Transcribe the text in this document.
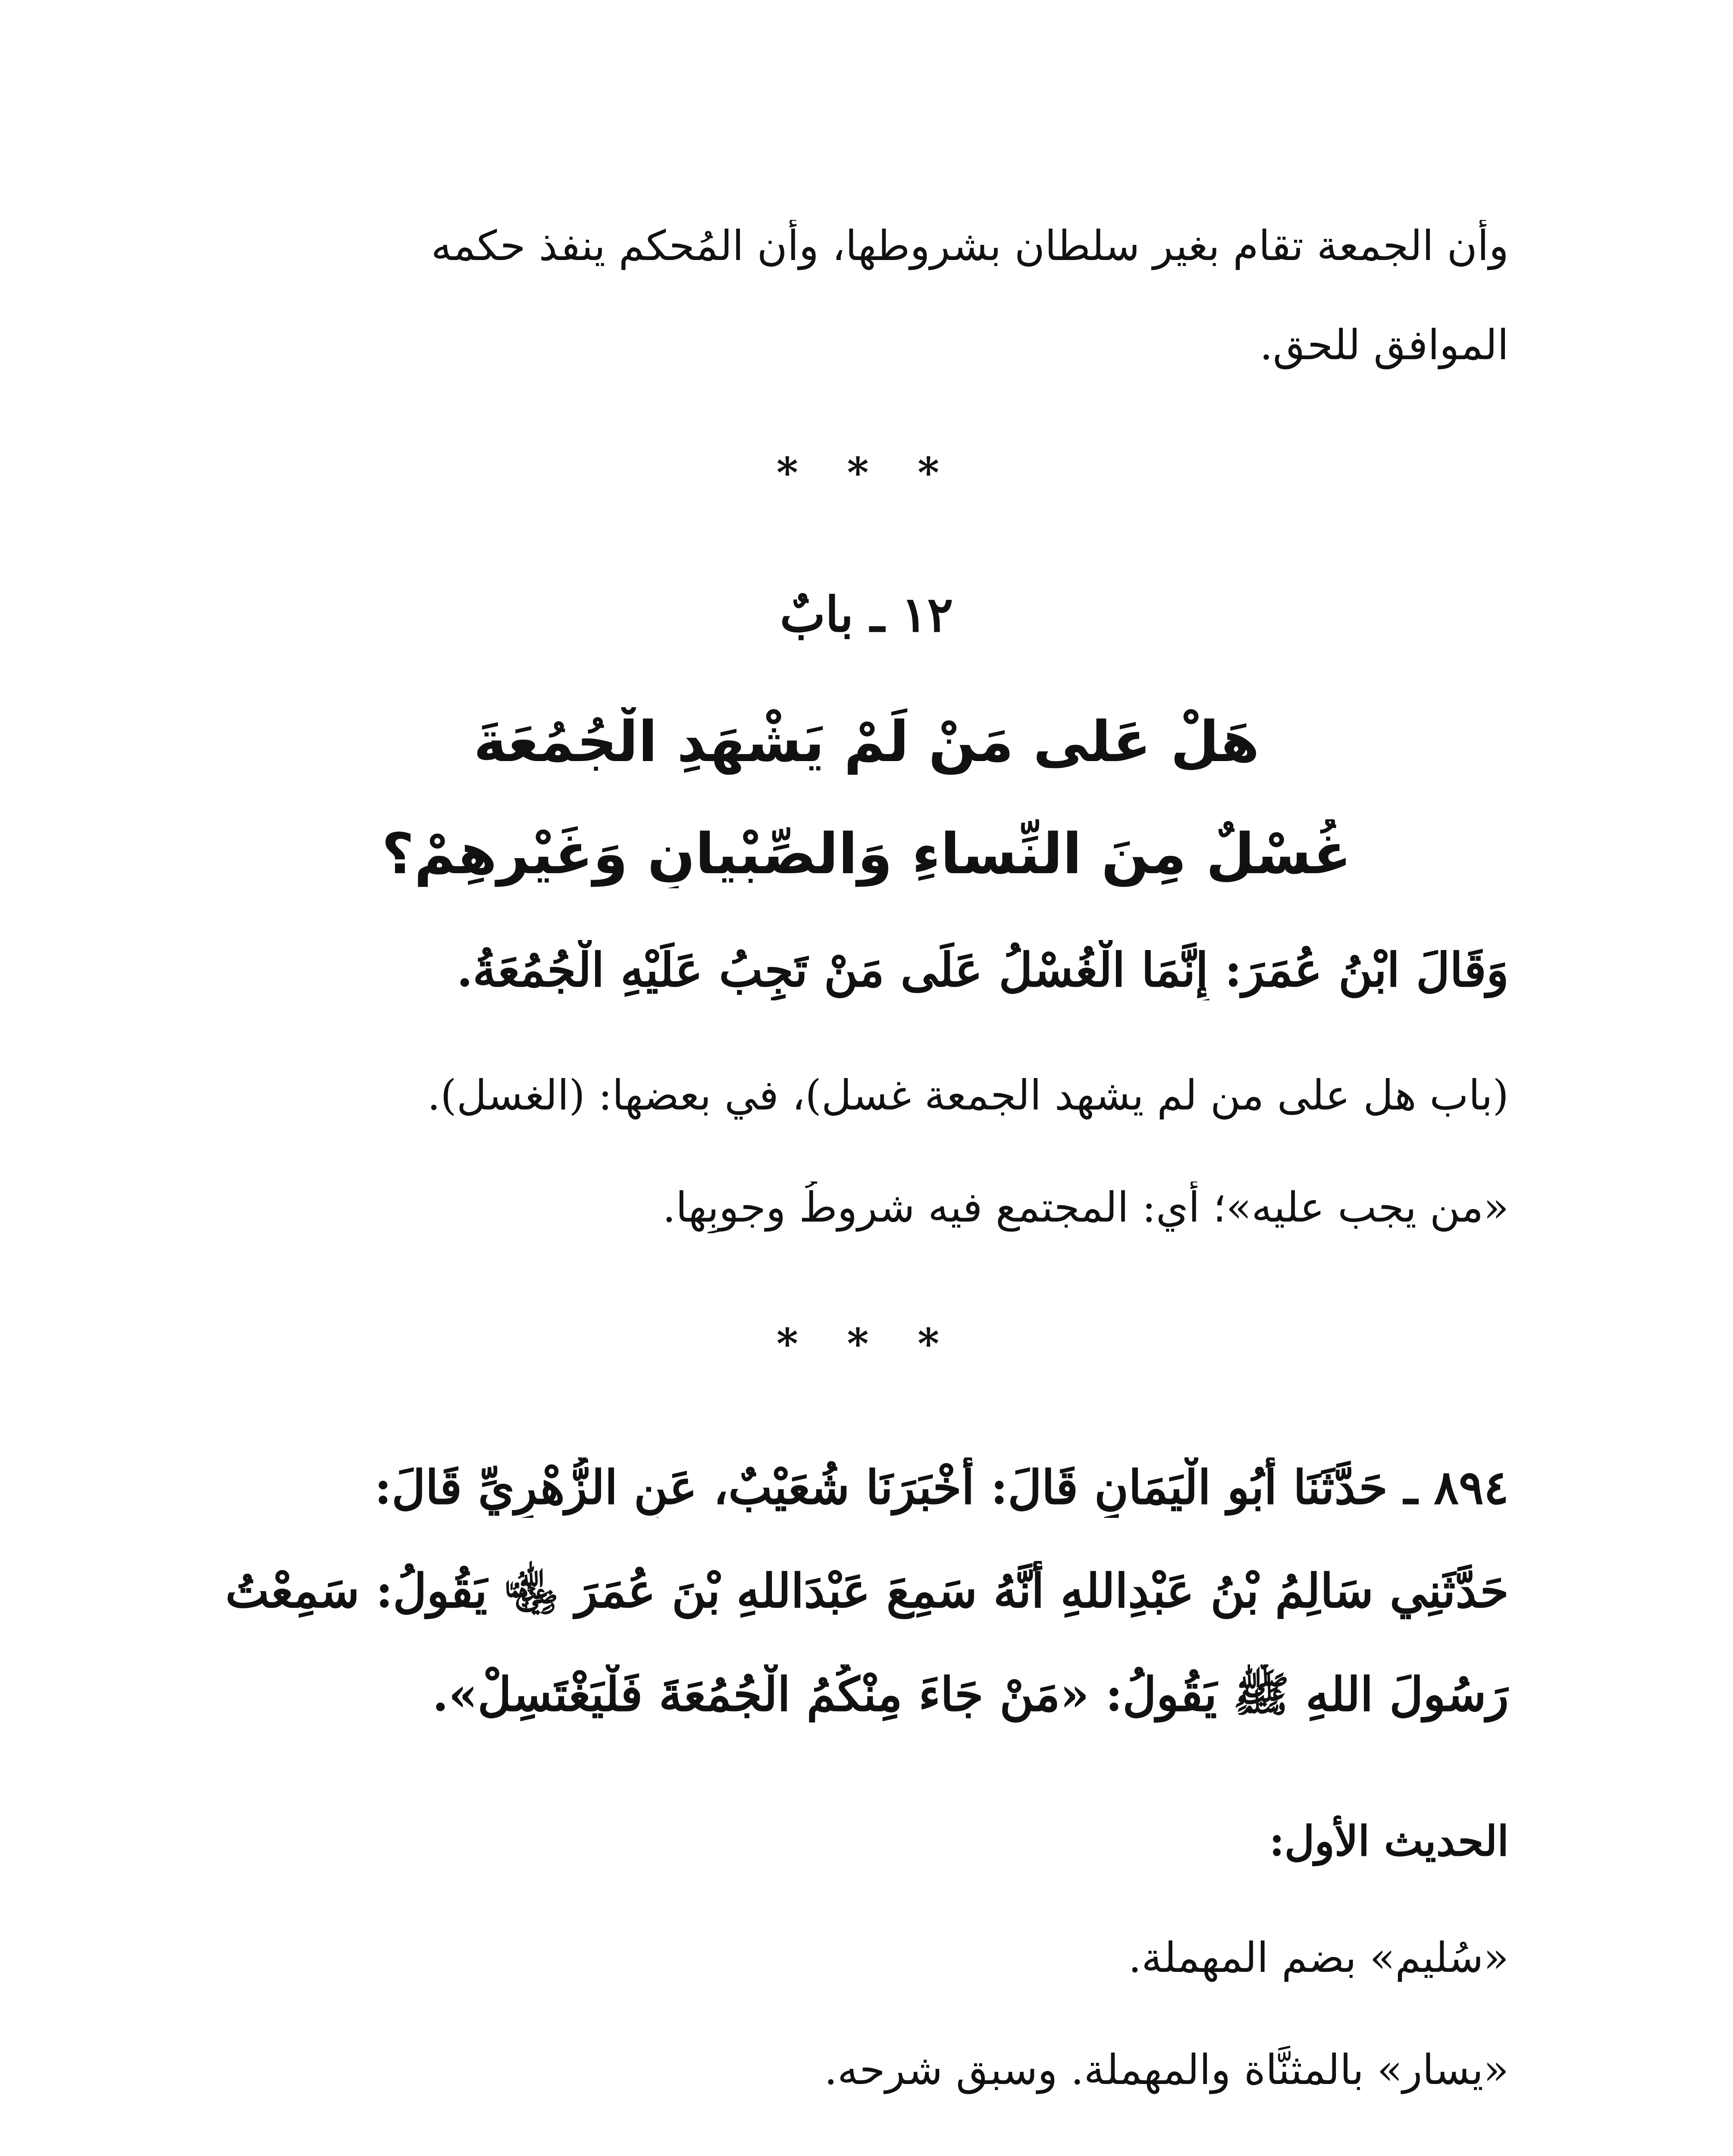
وأن الجمعة تقام بغير سلطان بشروطها، وأن المُحكم ينفذ حكمه
الموافق للحق.
* * *
١٢ ـ بابٌ
هَلْ عَلى مَنْ لَمْ يَشْهَدِ الْجُمُعَةَ
غُسْلٌ مِنَ النِّساءِ وَالصِّبْيانِ وَغَيْرِهِمْ؟
وَقَالَ ابْنُ عُمَرَ: إِنَّمَا الْغُسْلُ عَلَى مَنْ تَجِبُ عَلَيْهِ الْجُمُعَةُ.
(باب هل على من لم يشهد الجمعة غسل)، في بعضها: (الغسل).
«من يجب عليه»؛ أي: المجتمع فيه شروطُ وجوبِها.
* * *
٨٩٤ ـ حَدَّثَنَا أَبُو الْيَمَانِ قَالَ: أَخْبَرَنَا شُعَيْبٌ، عَنِ الزُّهْرِيِّ قَالَ:
حَدَّثَنِي سَالِمُ بْنُ عَبْدِاللهِ أَنَّهُ سَمِعَ عَبْدَاللهِ بْنَ عُمَرَ ﵄ يَقُولُ: سَمِعْتُ
رَسُولَ اللهِ ﷺ يَقُولُ: «مَنْ جَاءَ مِنْكُمُ الْجُمُعَةَ فَلْيَغْتَسِلْ».
الحديث الأول:
«سُليم» بضم المهملة.
«يسار» بالمثنَّاة والمهملة. وسبق شرحه.
